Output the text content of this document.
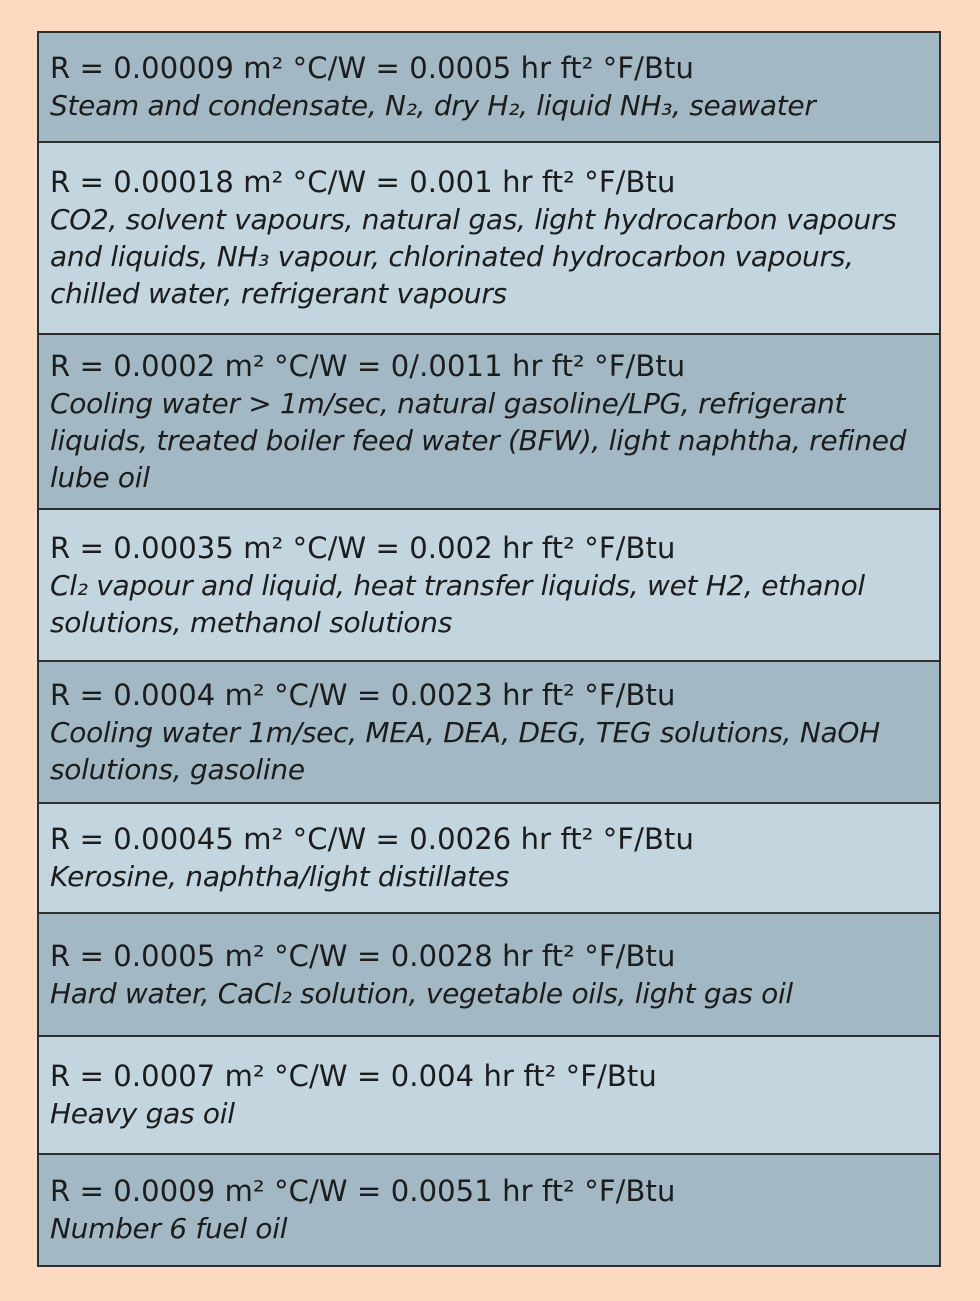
R = 0.00009 m² °C/W = 0.0005 hr ft² °F/Btu
Steam and condensate, N₂, dry H₂, liquid NH₃, seawater
R = 0.00018 m² °C/W = 0.001 hr ft² °F/Btu
CO2, solvent vapours, natural gas, light hydrocarbon vapours
and liquids, NH₃ vapour, chlorinated hydrocarbon vapours,
chilled water, refrigerant vapours
R = 0.0002 m² °C/W = 0/.0011 hr ft² °F/Btu
Cooling water > 1m/sec, natural gasoline/LPG, refrigerant
liquids, treated boiler feed water (BFW), light naphtha, refined
lube oil
R = 0.00035 m² °C/W = 0.002 hr ft² °F/Btu
Cl₂ vapour and liquid, heat transfer liquids, wet H2, ethanol
solutions, methanol solutions
R = 0.0004 m² °C/W = 0.0023 hr ft² °F/Btu
Cooling water 1m/sec, MEA, DEA, DEG, TEG solutions, NaOH
solutions, gasoline
R = 0.00045 m² °C/W = 0.0026 hr ft² °F/Btu
Kerosine, naphtha/light distillates
R = 0.0005 m² °C/W = 0.0028 hr ft² °F/Btu
Hard water, CaCl₂ solution, vegetable oils, light gas oil
R = 0.0007 m² °C/W = 0.004 hr ft² °F/Btu
Heavy gas oil
R = 0.0009 m² °C/W = 0.0051 hr ft² °F/Btu
Number 6 fuel oil
